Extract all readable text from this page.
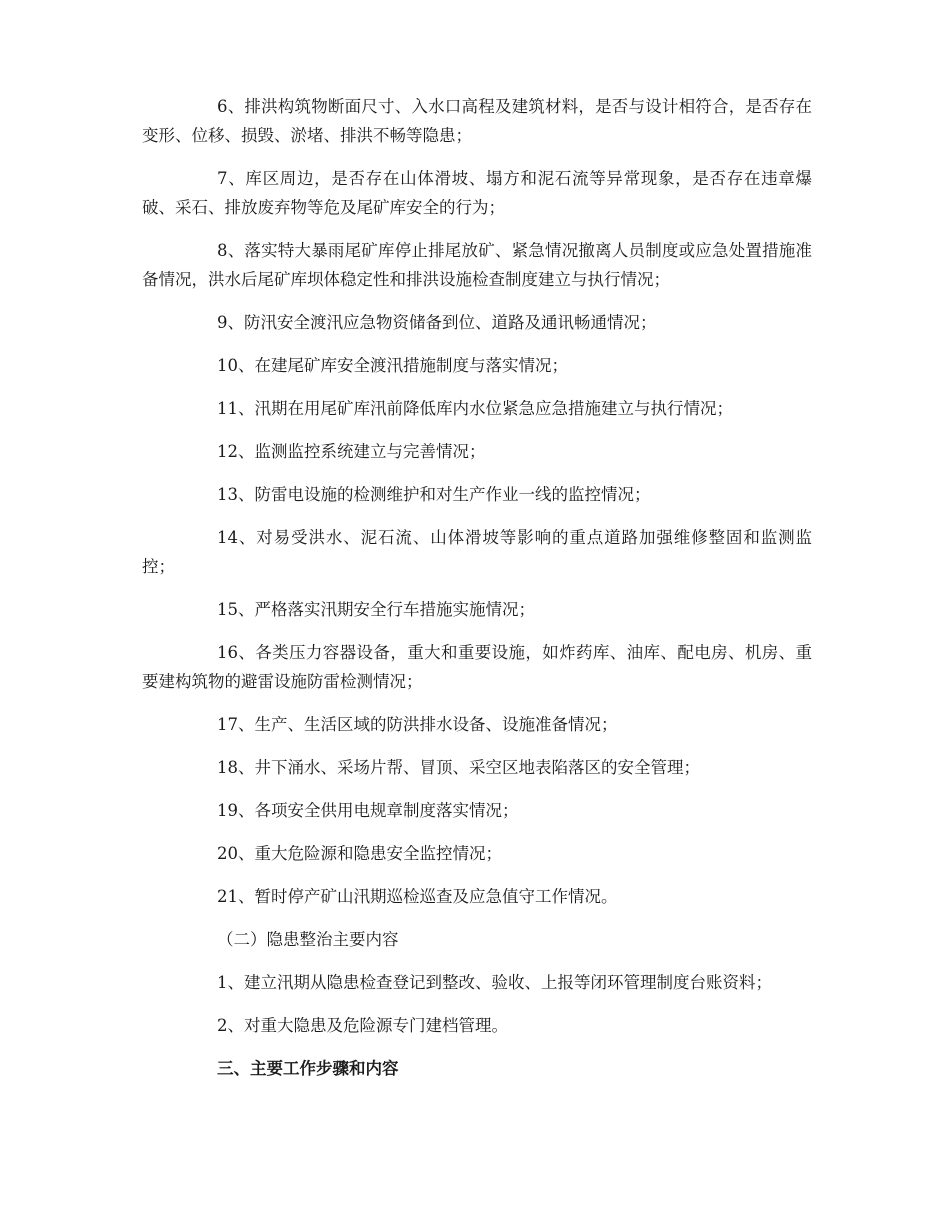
6、排洪构筑物断面尺寸、入水口高程及建筑材料，是否与设计相符合，是否存在变形、位移、损毁、淤堵、排洪不畅等隐患；

7、库区周边，是否存在山体滑坡、塌方和泥石流等异常现象，是否存在违章爆破、采石、排放废弃物等危及尾矿库安全的行为；

8、落实特大暴雨尾矿库停止排尾放矿、紧急情况撤离人员制度或应急处置措施准备情况，洪水后尾矿库坝体稳定性和排洪设施检查制度建立与执行情况；

9、防汛安全渡汛应急物资储备到位、道路及通讯畅通情况；

10、在建尾矿库安全渡汛措施制度与落实情况；

11、汛期在用尾矿库汛前降低库内水位紧急应急措施建立与执行情况；

12、监测监控系统建立与完善情况；

13、防雷电设施的检测维护和对生产作业一线的监控情况；

14、对易受洪水、泥石流、山体滑坡等影响的重点道路加强维修整固和监测监控；

15、严格落实汛期安全行车措施实施情况；

16、各类压力容器设备，重大和重要设施，如炸药库、油库、配电房、机房、重要建构筑物的避雷设施防雷检测情况；

17、生产、生活区域的防洪排水设备、设施准备情况；

18、井下涌水、采场片帮、冒顶、采空区地表陷落区的安全管理；

19、各项安全供用电规章制度落实情况；

20、重大危险源和隐患安全监控情况；

21、暂时停产矿山汛期巡检巡查及应急值守工作情况。

（二）隐患整治主要内容

1、建立汛期从隐患检查登记到整改、验收、上报等闭环管理制度台账资料；

2、对重大隐患及危险源专门建档管理。

三、主要工作步骤和内容
